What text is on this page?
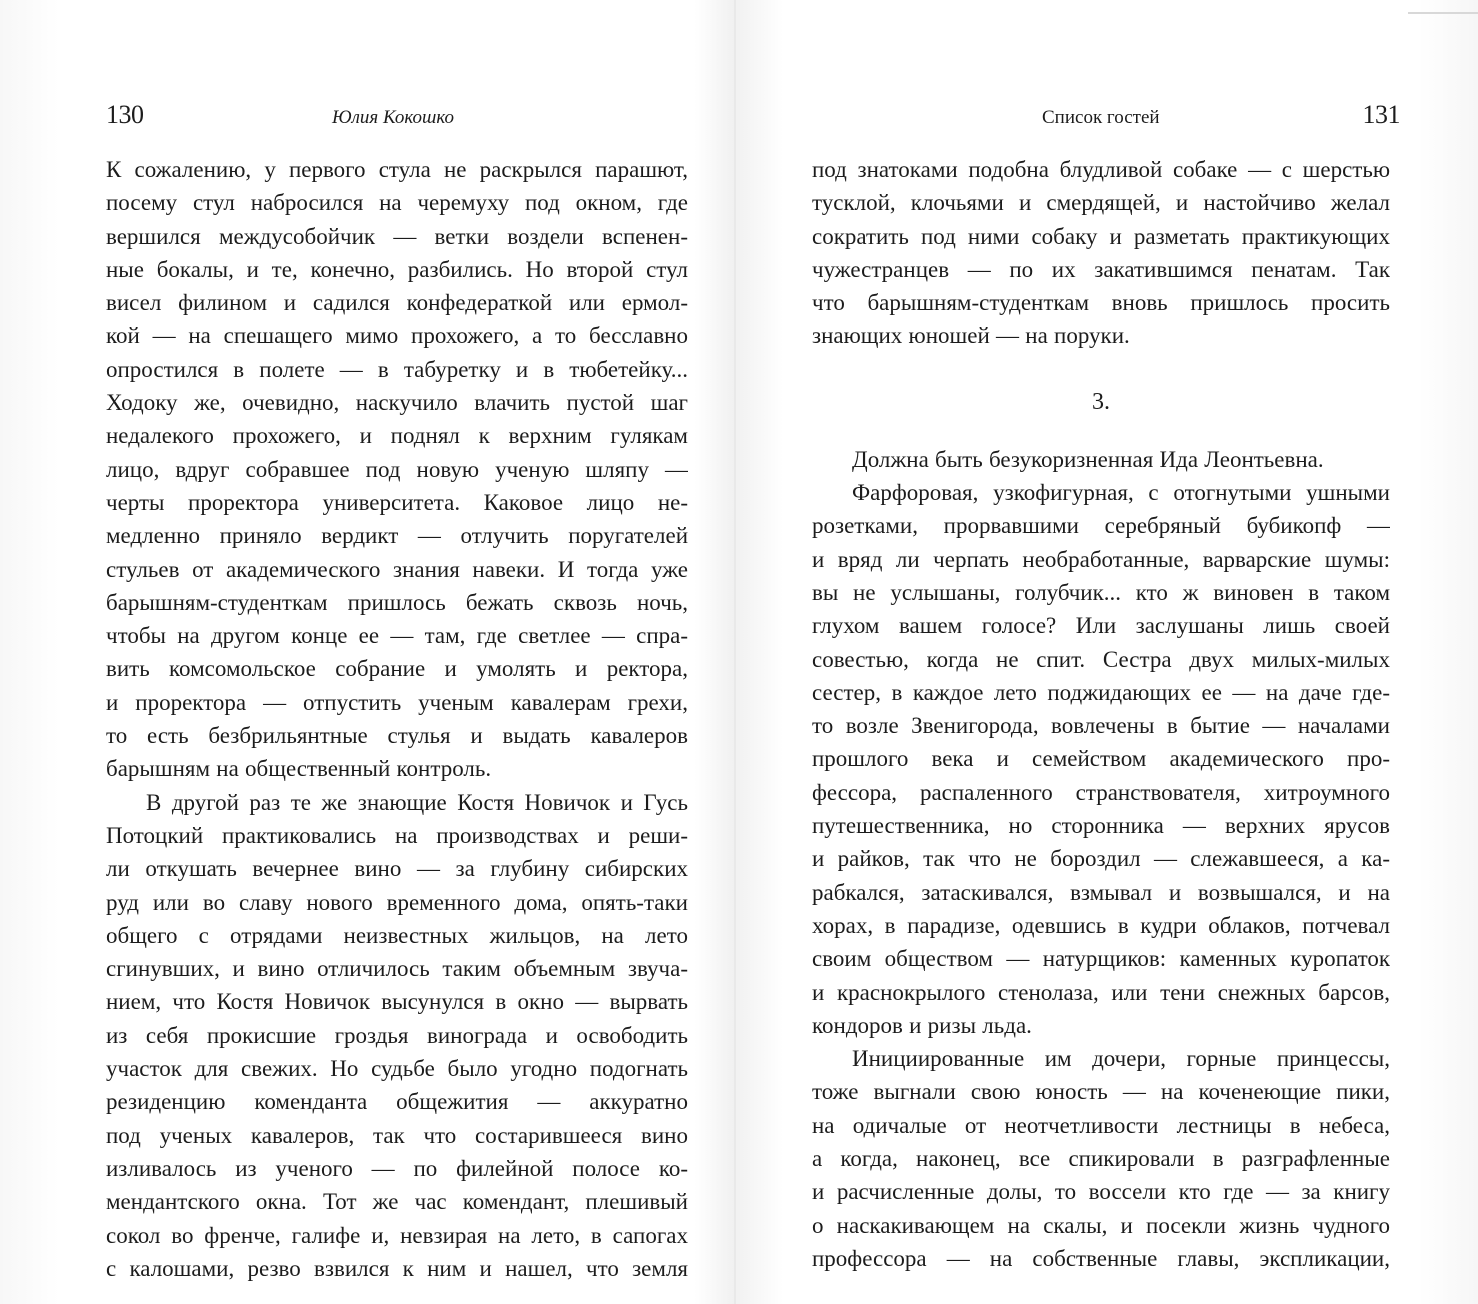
130	Юлия Кокошко
К сожалению, у первого стула не раскрылся парашют,
посему стул набросился на черемуху под окном, где
вершился междусобойчик — ветки воздели вспенен-
ные бокалы, и те, конечно, разбились. Но второй стул
висел филином и садился конфедераткой или ермол-
кой — на спешащего мимо прохожего, а то бесславно
опростился в полете — в табуретку и в тюбетейку...
Ходоку же, очевидно, наскучило влачить пустой шаг
недалекого прохожего, и поднял к верхним гулякам
лицо, вдруг собравшее под новую ученую шляпу —
черты проректора университета. Каковое лицо не-
медленно приняло вердикт — отлучить поругателей
стульев от академического знания навеки. И тогда уже
барышням-студенткам пришлось бежать сквозь ночь,
чтобы на другом конце ее — там, где светлее — спра-
вить комсомольское собрание и умолять и ректора,
и проректора — отпустить ученым кавалерам грехи,
то есть безбрильянтные стулья и выдать кавалеров
барышням на общественный контроль.
В другой раз те же знающие Костя Новичок и Гусь
Потоцкий практиковались на производствах и реши-
ли откушать вечернее вино — за глубину сибирских
руд или во славу нового временного дома, опять-таки
общего с отрядами неизвестных жильцов, на лето
сгинувших, и вино отличилось таким объемным звуча-
нием, что Костя Новичок высунулся в окно — вырвать
из себя прокисшие гроздья винограда и освободить
участок для свежих. Но судьбе было угодно подогнать
резиденцию коменданта общежития — аккуратно
под ученых кавалеров, так что состарившееся вино
изливалось из ученого — по филейной полосе ко-
мендантского окна. Тот же час комендант, плешивый
сокол во френче, галифе и, невзирая на лето, в сапогах
с калошами, резво взвился к ним и нашел, что земля
Список гостей	131
под знатоками подобна блудливой собаке — с шерстью
тусклой, клочьями и смердящей, и настойчиво желал
сократить под ними собаку и разметать практикующих
чужестранцев — по их закатившимся пенатам. Так
что барышням-студенткам вновь пришлось просить
знающих юношей — на поруки.
3.
Должна быть безукоризненная Ида Леонтьевна.
Фарфоровая, узкофигурная, с отогнутыми ушными
розетками, прорвавшими серебряный бубикопф —
и вряд ли черпать необработанные, варварские шумы:
вы не услышаны, голубчик... кто ж виновен в таком
глухом вашем голосе? Или заслушаны лишь своей
совестью, когда не спит. Сестра двух милых-милых
сестер, в каждое лето поджидающих ее — на даче где-
то возле Звенигорода, вовлечены в бытие — началами
прошлого века и семейством академического про-
фессора, распаленного странствователя, хитроумного
путешественника, но сторонника — верхних ярусов
и райков, так что не бороздил — слежавшееся, а ка-
рабкался, затаскивался, взмывал и возвышался, и на
хорах, в парадизе, одевшись в кудри облаков, потчевал
своим обществом — натурщиков: каменных куропаток
и краснокрылого стенолаза, или тени снежных барсов,
кондоров и ризы льда.
Инициированные им дочери, горные принцессы,
тоже выгнали свою юность — на коченеющие пики,
на одичалые от неотчетливости лестницы в небеса,
а когда, наконец, все спикировали в разграфленные
и расчисленные долы, то воссели кто где — за книгу
о наскакивающем на скалы, и посекли жизнь чудного
профессора — на собственные главы, экспликации,
